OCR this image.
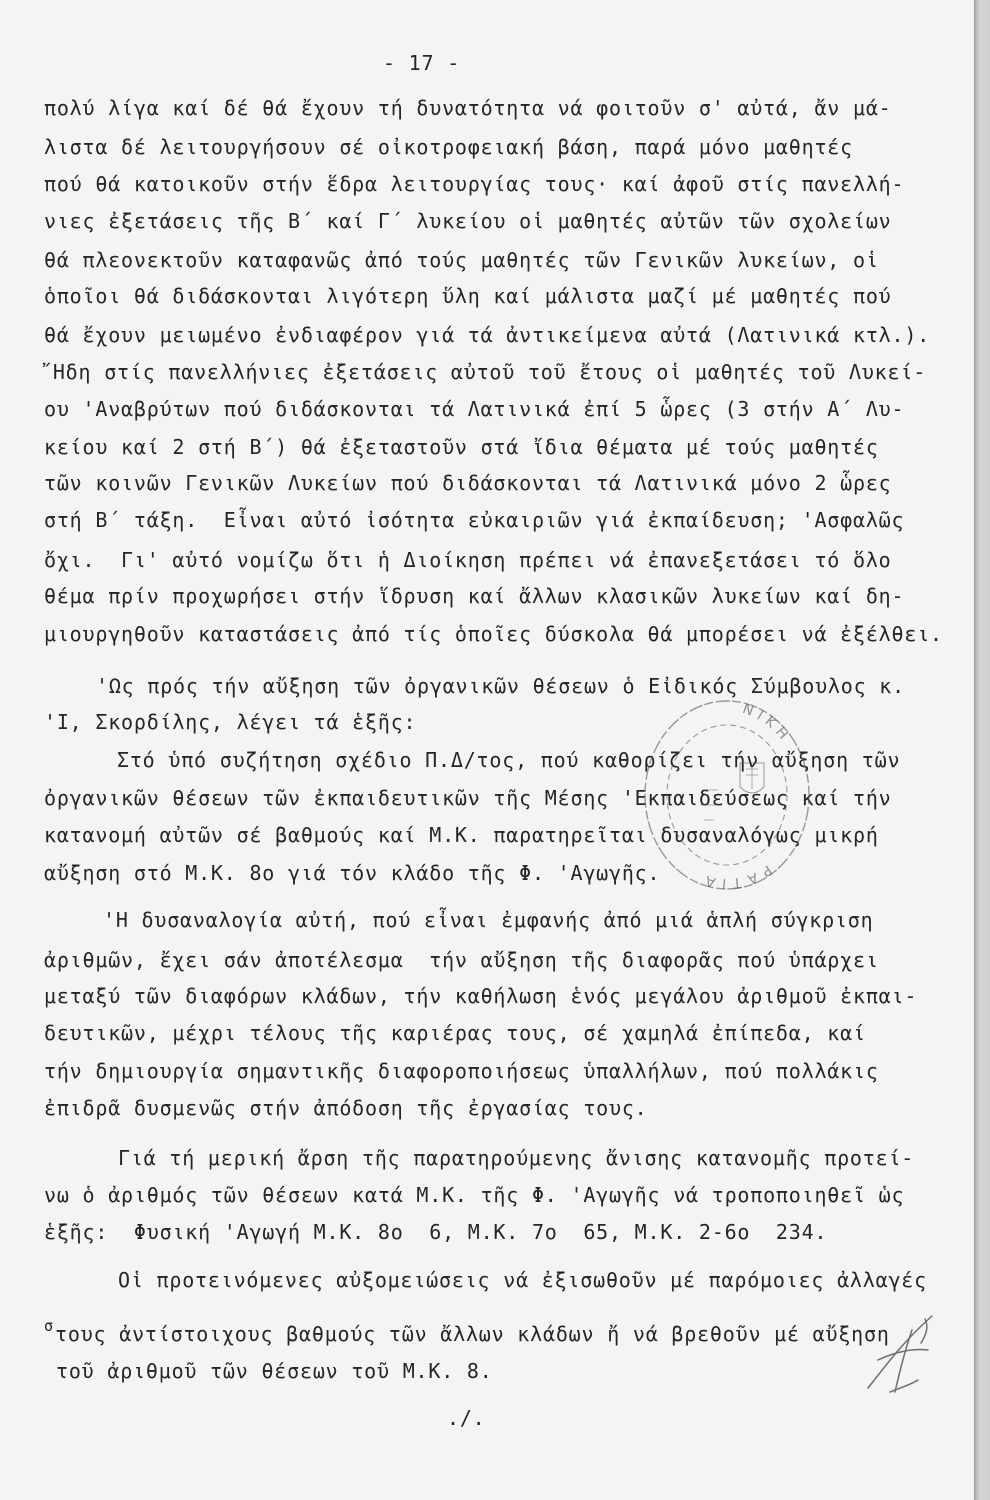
- 17 -
πολύ λίγα καί δέ θά ἔχουν τή δυνατότητα νά φοιτοῦν σ' αὐτά, ἄν μά-
λιστα δέ λειτουργήσουν σέ οἰκοτροφειακή βάση, παρά μόνο μαθητές
πού θά κατοικοῦν στήν ἕδρα λειτουργίας τους· καί ἀφοῦ στίς πανελλή-
νιες ἐξετάσεις τῆς Β΄ καί Γ΄ λυκείου οἱ μαθητές αὐτῶν τῶν σχολείων
θά πλεονεκτοῦν καταφανῶς ἀπό τούς μαθητές τῶν Γενικῶν λυκείων, οἱ
ὁποῖοι θά διδάσκονται λιγότερη ὕλη καί μάλιστα μαζί μέ μαθητές πού
θά ἔχουν μειωμένο ἐνδιαφέρον γιά τά ἀντικείμενα αὐτά (Λατινικά κτλ.).
῎Ηδη στίς πανελλήνιες ἐξετάσεις αὐτοῦ τοῦ ἔτους οἱ μαθητές τοῦ Λυκεί-
ου 'Αναβρύτων πού διδάσκονται τά Λατινικά ἐπί 5 ὧρες (3 στήν Α΄ Λυ-
κείου καί 2 στή Β΄) θά ἐξεταστοῦν στά ἴδια θέματα μέ τούς μαθητές
τῶν κοινῶν Γενικῶν Λυκείων πού διδάσκονται τά Λατινικά μόνο 2 ὧρες
στή Β΄ τάξη.  Εἶναι αὐτό ἰσότητα εὐκαιριῶν γιά ἐκπαίδευση; 'Ασφαλῶς
ὄχι.  Γι' αὐτό νομίζω ὅτι ἡ Διοίκηση πρέπει νά ἐπανεξετάσει τό ὅλο
θέμα πρίν προχωρήσει στήν ἵδρυση καί ἄλλων κλασικῶν λυκείων καί δη-
μιουργηθοῦν καταστάσεις ἀπό τίς ὁποῖες δύσκολα θά μπορέσει νά ἐξέλθει.
'Ως πρός τήν αὔξηση τῶν ὀργανικῶν θέσεων ὁ Εἰδικός Σύμβουλος κ.
'Ι, Σκορδίλης, λέγει τά ἑξῆς:
Στό ὑπό συζήτηση σχέδιο Π.Δ/τος, πού καθορίζει τήν αὔξηση τῶν
ὀργανικῶν θέσεων τῶν ἐκπαιδευτικῶν τῆς Μέσης 'Εκπαιδεύσεως καί τήν
κατανομή αὐτῶν σέ βαθμούς καί Μ.Κ. παρατηρεῖται δυσαναλόγως μικρή
αὔξηση στό Μ.Κ. 8ο γιά τόν κλάδο τῆς Φ. 'Αγωγῆς.
'Η δυσαναλογία αὐτή, πού εἶναι ἐμφανής ἀπό μιά ἁπλή σύγκριση
ἀριθμῶν, ἔχει σάν ἀποτέλεσμα  τήν αὔξηση τῆς διαφορᾶς πού ὑπάρχει
μεταξύ τῶν διαφόρων κλάδων, τήν καθήλωση ἑνός μεγάλου ἀριθμοῦ ἐκπαι-
δευτικῶν, μέχρι τέλους τῆς καριέρας τους, σέ χαμηλά ἐπίπεδα, καί
τήν δημιουργία σημαντικῆς διαφοροποιήσεως ὑπαλλήλων, πού πολλάκις
ἐπιδρᾶ δυσμενῶς στήν ἀπόδοση τῆς ἐργασίας τους.
Γιά τή μερική ἄρση τῆς παρατηρούμενης ἄνισης κατανομῆς προτεί-
νω ὁ ἀριθμός τῶν θέσεων κατά Μ.Κ. τῆς Φ. 'Αγωγῆς νά τροποποιηθεῖ ὡς
ἑξῆς:  Φυσική 'Αγωγή Μ.Κ. 8ο  6, Μ.Κ. 7ο  65, Μ.Κ. 2-6ο  234.
Οἱ προτεινόμενες αὐξομειώσεις νά ἐξισωθοῦν μέ παρόμοιες ἀλλαγές
$^\sigma$ τους ἀντίστοιχους βαθμούς τῶν ἄλλων κλάδων ἤ νά βρεθοῦν μέ αὔξηση
τοῦ ἀριθμοῦ τῶν θέσεων τοῦ Μ.Κ. 8.
./.
ΝΙΚΗ
ΡΑΤΙΑ
